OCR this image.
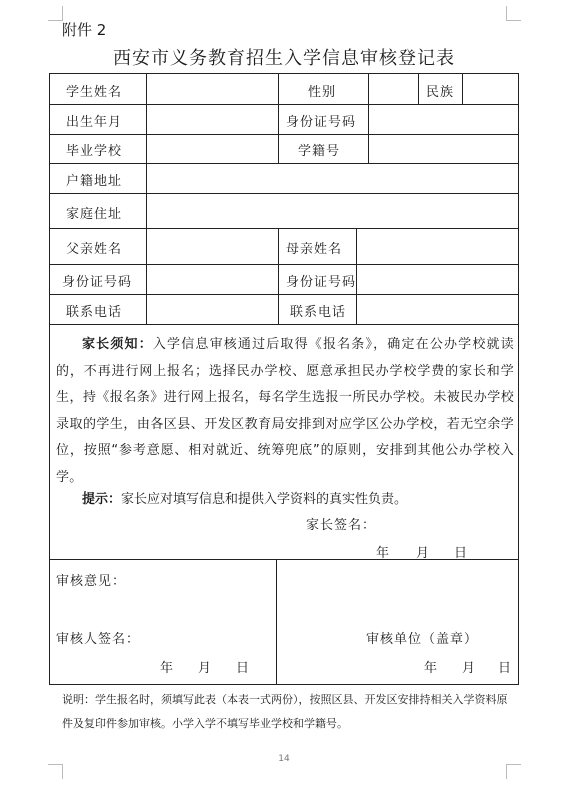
附件 2
西安市义务教育招生入学信息审核登记表
学生姓名	性别	民族
出生年月	身份证号码
毕业学校	学籍号
户籍地址
家庭住址
父亲姓名	母亲姓名
身份证号码	身份证号码
联系电话	联系电话

家长须知：入学信息审核通过后取得《报名条》，确定在公办学校就读的，不再进行网上报名；选择民办学校、愿意承担民办学校学费的家长和学生，持《报名条》进行网上报名，每名学生选报一所民办学校。未被民办学校录取的学生，由各区县、开发区教育局安排到对应学区公办学校，若无空余学位，按照“参考意愿、相对就近、统筹兜底”的原则，安排到其他公办学校入学。

提示：家长应对填写信息和提供入学资料的真实性负责。
家长签名：
年 月 日
审核意见：
审核人签名：
年 月 日
审核单位（盖章）
年 月 日
说明：学生报名时，须填写此表（本表一式两份），按照区县、开发区安排持相关入学资料原件及复印件参加审核。小学入学不填写毕业学校和学籍号。
14
